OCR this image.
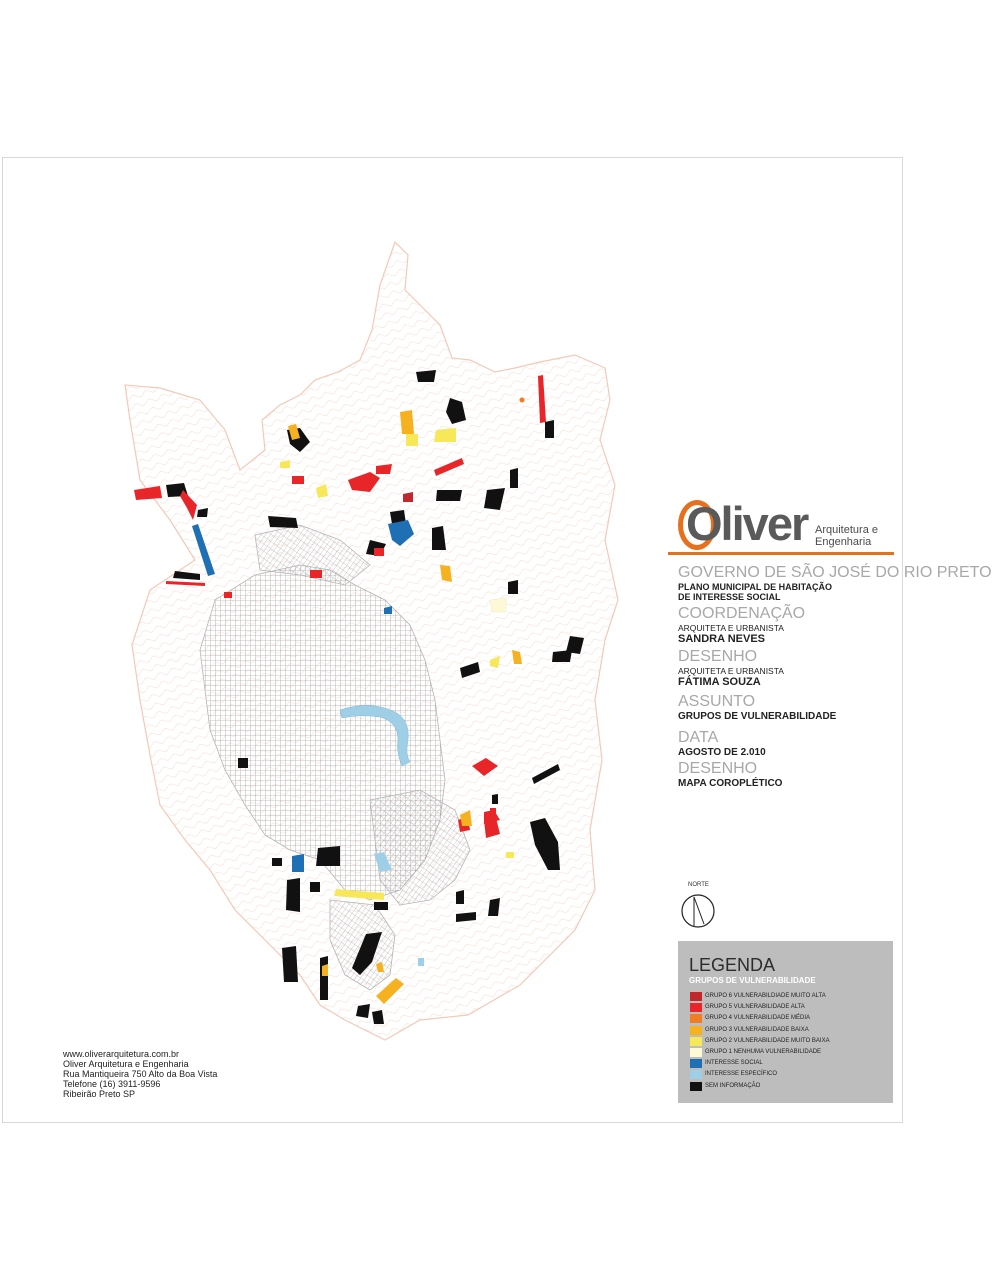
Oliver Arquitetura e
Engenharia
GOVERNO DE SÃO JOSÉ DO RIO PRETO
PLANO MUNICIPAL DE HABITAÇÃO
DE INTERESSE SOCIAL
COORDENAÇÃO
ARQUITETA E URBANISTA
SANDRA NEVES
DESENHO
ARQUITETA E URBANISTA
FÁTIMA SOUZA
ASSUNTO
GRUPOS DE VULNERABILIDADE
DATA
AGOSTO DE 2.010
DESENHO
MAPA COROPLÉTICO
NORTE
LEGENDA
GRUPOS DE VULNERABILIDADE
GRUPO 6 VULNERABILDIADE MUITO ALTA
GRUPO 5 VULNERABILIDADE ALTA
GRUPO 4 VULNERABILIDADE MÉDIA
GRUPO 3 VULNERABILIDADE BAIXA
GRUPO 2 VULNERABILIDADE MUITO BAIXA
GRUPO 1 NENHUMA VULNERABILIDADE
INTERESSE SOCIAL
INTERESSE ESPECÍFICO
SEM INFORMAÇÃO
www.oliverarquitetura.com.br
Oliver Arquitetura e Engenharia
Rua Mantiqueira 750 Alto da Boa Vista
Telefone (16) 3911-9596
Ribeirão Preto SP
